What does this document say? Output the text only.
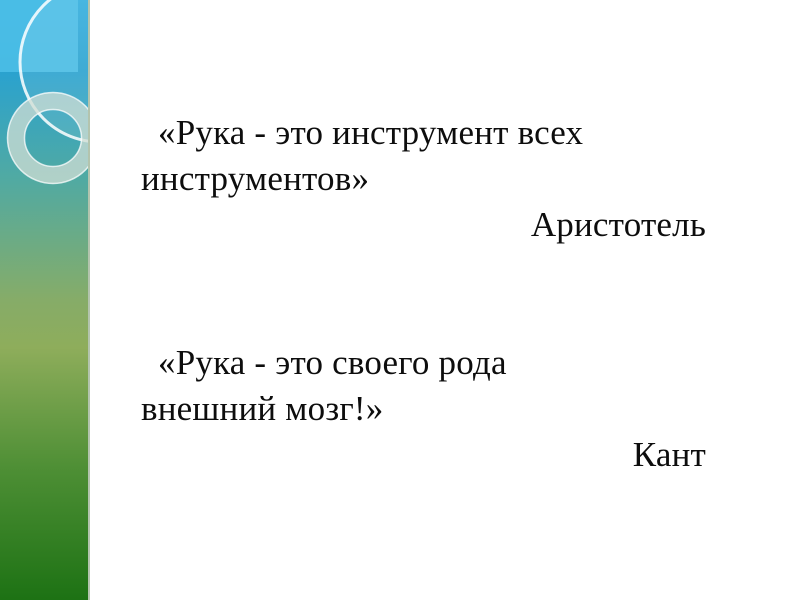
«Рука - это инструмент всех

инструментов»

Аристотель

«Рука - это своего рода

внешний мозг!»

Кант
